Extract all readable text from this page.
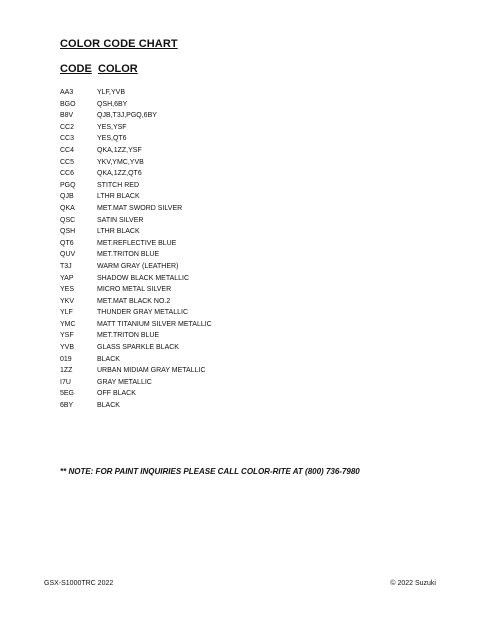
COLOR CODE CHART
CODE COLOR
AA3	YLF,YVB
BGO	QSH,6BY
B8V	QJB,T3J,PGQ,6BY
CC2	YES,YSF
CC3	YES,QT6
CC4	QKA,1ZZ,YSF
CC5	YKV,YMC,YVB
CC6	QKA,1ZZ,QT6
PGQ	STITCH RED
QJB	LTHR BLACK
QKA	MET.MAT SWORD SILVER
QSC	SATIN SILVER
QSH	LTHR BLACK
QT6	MET.REFLECTIVE BLUE
QUV	MET.TRITON BLUE
T3J	WARM GRAY (LEATHER)
YAP	SHADOW BLACK METALLIC
YES	MICRO METAL SILVER
YKV	MET.MAT BLACK NO.2
YLF	THUNDER GRAY METALLIC
YMC	MATT TITANIUM SILVER METALLIC
YSF	MET.TRITON BLUE
YVB	GLASS SPARKLE BLACK
019	BLACK
1ZZ	URBAN MIDIAM GRAY METALLIC
I7U	GRAY METALLIC
5EG	OFF BLACK
6BY	BLACK
** NOTE: FOR PAINT INQUIRIES PLEASE CALL COLOR-RITE AT (800) 736-7980
GSX-S1000TRC 2022	© 2022 Suzuki
